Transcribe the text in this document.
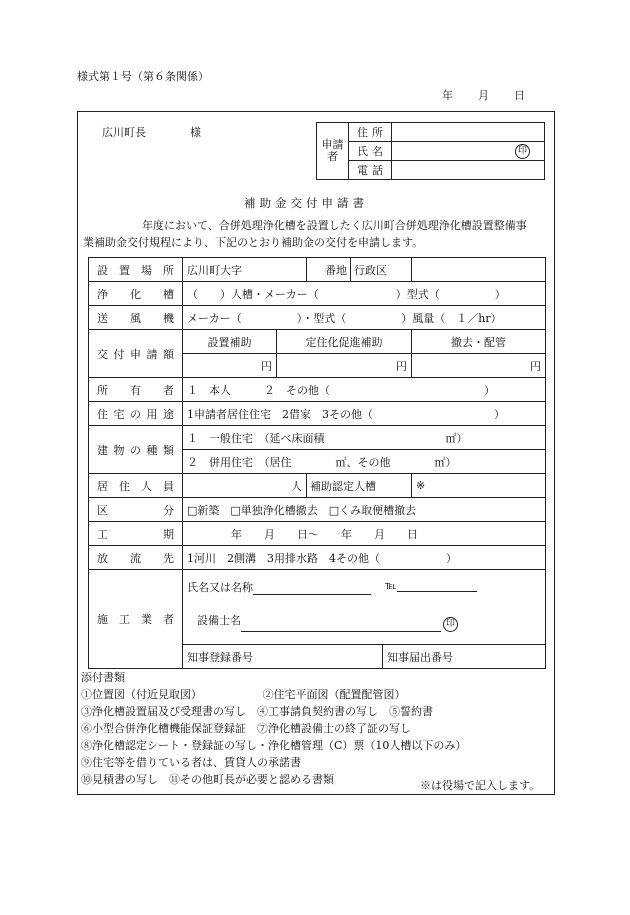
様式第１号（第６条関係）
年　　月　　日
広川町長　　　　様
申請者	住所	
	氏名	印
	電話	
補助金交付申請書
年度において、合併処理浄化槽を設置したく広川町合併処理浄化槽設置整備事
業補助金交付規程により、下記のとおり補助金の交付を申請します。
設置場所	広川町大字		番地	行政区		
浄化槽	（　　）人槽・メーカー（　　　　　　　）型式（　　　　　）					
送風機	メーカー（　　　　　）・型式（　　　　　）風量（　１／hr）					
交付申請額	設置補助	定住化促進補助				撤去・配管
	円	円				円
所有者	１　本人　　　２　その他（　　　　　　　　　　　　　　）					
住宅の用途	1申請者居住住宅　2借家　3その他（　　　　　　　　　　　）					
建物の種類	１　一般住宅　（延べ床面積　　　　　　　　　　　㎡）					
	２　併用住宅　（居住　　　　㎡、その他　　　　㎡）					
居住人員	人		補助認定人槽			※
区分	□新築　□単独浄化槽撤去　□くみ取便槽撤去					
工期	年　　月　　日～　　年　　月　　日					
放流先	1河川　2側溝　3用排水路　4その他（　　　　　　）					
施工業者	氏名又は名称 ℡
設備士名 印					

	知事登録番号				知事届出番号	
添付書類
①位置図（付近見取図）　　　　　　②住宅平面図（配置配管図）
③浄化槽設置届及び受理書の写し　④工事請負契約書の写し　⑤誓約書
⑥小型合併浄化槽機能保証登録証　⑦浄化槽設備士の終了証の写し
⑧浄化槽認定シート・登録証の写し・浄化槽管理（C）票（10人槽以下のみ）
⑨住宅等を借りている者は、賃貸人の承諾書
⑩見積書の写し　⑪その他町長が必要と認める書類	※は役場で記入します。
